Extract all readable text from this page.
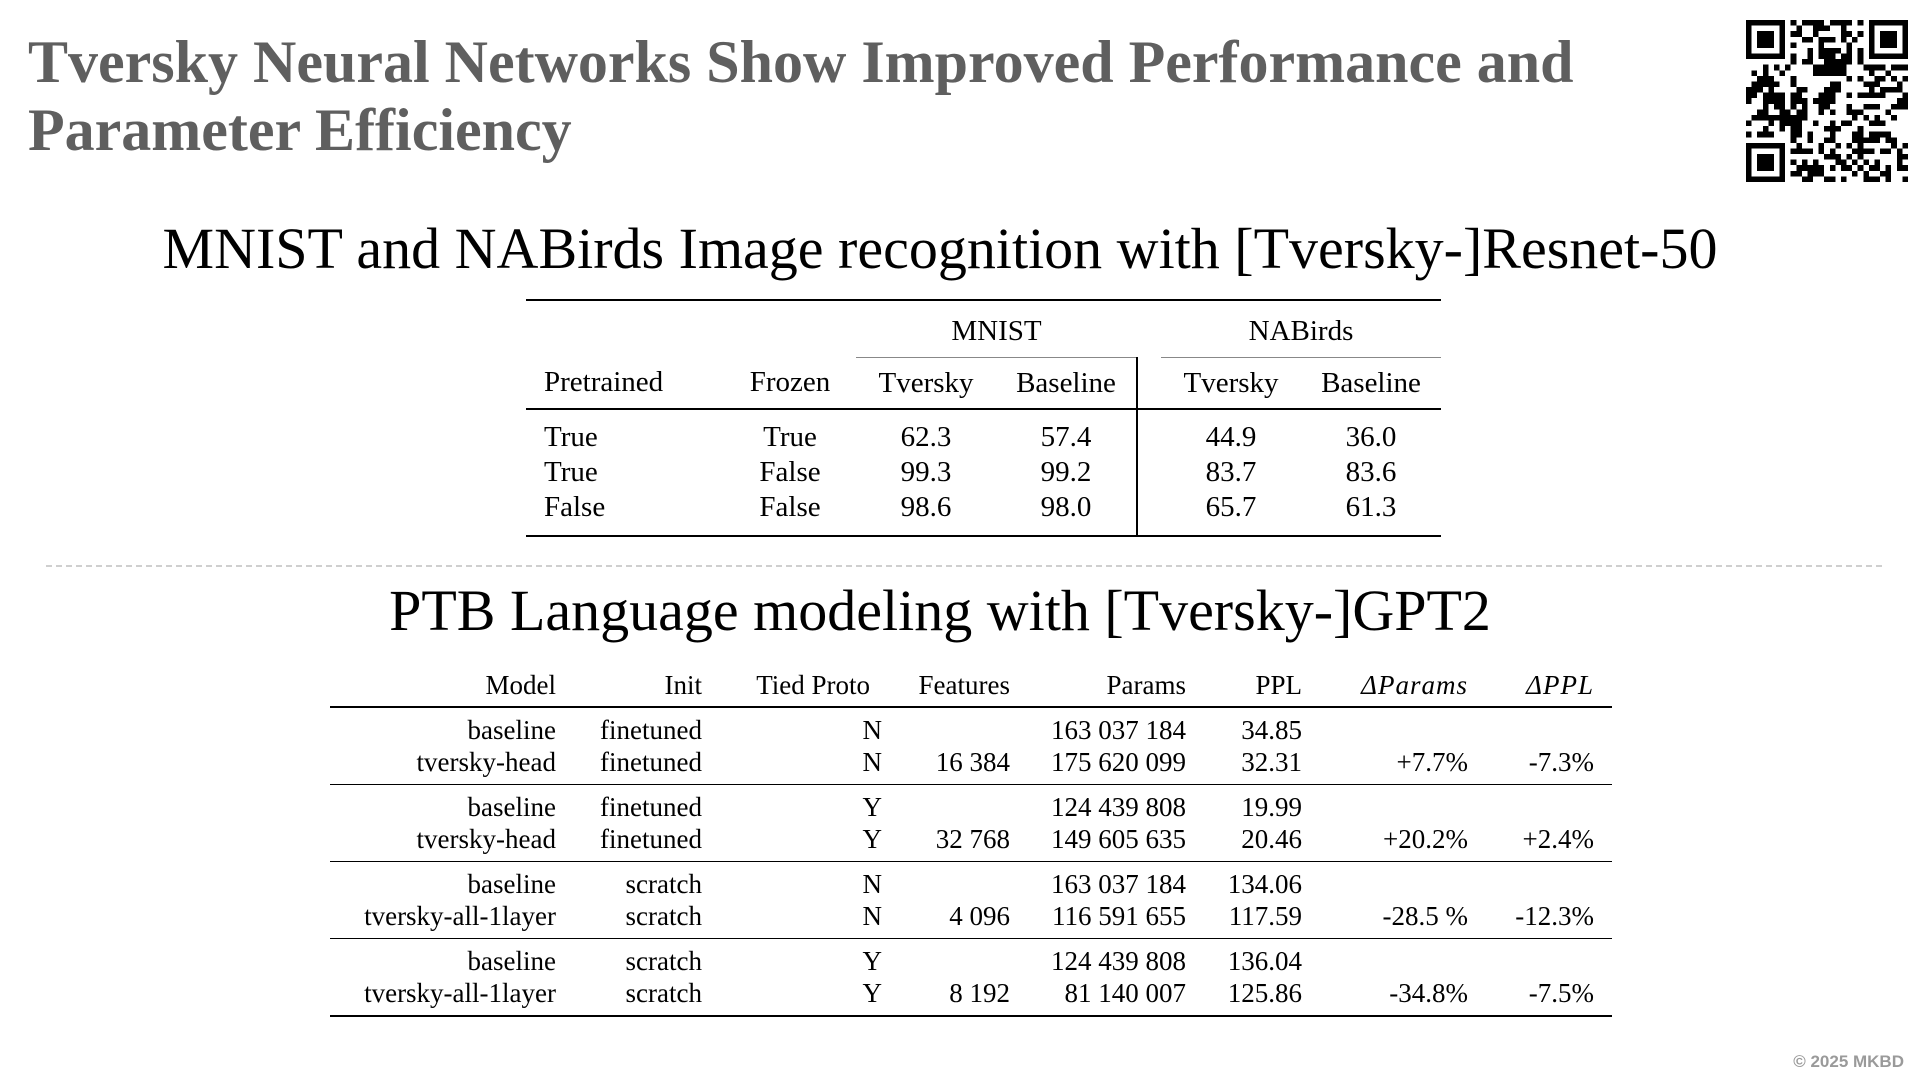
Tversky Neural Networks Show Improved Performance and Parameter Efficiency
MNIST and NABirds Image recognition with [Tversky-]Resnet-50
		MNIST			NABirds	
Pretrained	Frozen	Tversky	Baseline		Tversky	Baseline
True	True	62.3	57.4		44.9	36.0
True	False	99.3	99.2		83.7	83.6
False	False	98.6	98.0		65.7	61.3
PTB Language modeling with [Tversky-]GPT2
Model	Init	Tied Proto	Features	Params	PPL	ΔParams	ΔPPL
baseline	finetuned	N		163 037 184	34.85		
tversky-head	finetuned	N	16 384	175 620 099	32.31	+7.7%	-7.3%
baseline	finetuned	Y		124 439 808	19.99		
tversky-head	finetuned	Y	32 768	149 605 635	20.46	+20.2%	+2.4%
baseline	scratch	N		163 037 184	134.06		
tversky-all-1layer	scratch	N	4 096	116 591 655	117.59	-28.5 %	-12.3%
baseline	scratch	Y		124 439 808	136.04		
tversky-all-1layer	scratch	Y	8 192	81 140 007	125.86	-34.8%	-7.5%
© 2025 MKBD
